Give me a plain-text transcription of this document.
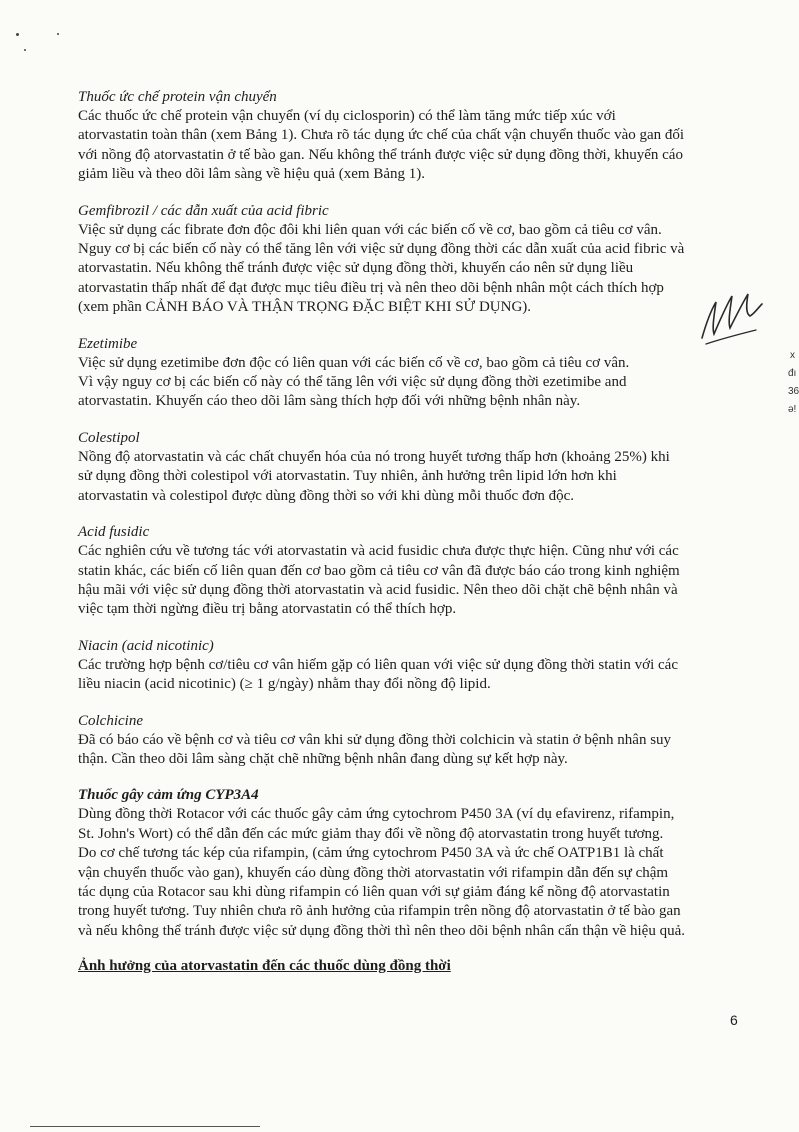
Thuốc ức chế protein vận chuyển

Các thuốc ức chế protein vận chuyển (ví dụ ciclosporin) có thể làm tăng mức tiếp xúc với
atorvastatin toàn thân (xem Bảng 1). Chưa rõ tác dụng ức chế của chất vận chuyển thuốc vào gan đối
với nồng độ atorvastatin ở tế bào gan. Nếu không thể tránh được việc sử dụng đồng thời, khuyến cáo
giảm liều và theo dõi lâm sàng về hiệu quả (xem Bảng 1).

Gemfibrozil / các dẫn xuất của acid fibric

Việc sử dụng các fibrate đơn độc đôi khi liên quan với các biến cố về cơ, bao gồm cả tiêu cơ vân.
Nguy cơ bị các biến cố này có thể tăng lên với việc sử dụng đồng thời các dẫn xuất của acid fibric và
atorvastatin. Nếu không thể tránh được việc sử dụng đồng thời, khuyến cáo nên sử dụng liều
atorvastatin thấp nhất để đạt được mục tiêu điều trị và nên theo dõi bệnh nhân một cách thích hợp
(xem phần CẢNH BÁO VÀ THẬN TRỌNG ĐẶC BIỆT KHI SỬ DỤNG).

Ezetimibe

Việc sử dụng ezetimibe đơn độc có liên quan với các biến cố về cơ, bao gồm cả tiêu cơ vân.
Vì vậy nguy cơ bị các biến cố này có thể tăng lên với việc sử dụng đồng thời ezetimibe and
atorvastatin. Khuyến cáo theo dõi lâm sàng thích hợp đối với những bệnh nhân này.

Colestipol

Nồng độ atorvastatin và các chất chuyển hóa của nó trong huyết tương thấp hơn (khoảng 25%) khi
sử dụng đồng thời colestipol với atorvastatin. Tuy nhiên, ảnh hưởng trên lipid lớn hơn khi
atorvastatin và colestipol được dùng đồng thời so với khi dùng mỗi thuốc đơn độc.

Acid fusidic

Các nghiên cứu về tương tác với atorvastatin và acid fusidic chưa được thực hiện. Cũng như với các
statin khác, các biến cố liên quan đến cơ bao gồm cả tiêu cơ vân đã được báo cáo trong kinh nghiệm
hậu mãi với việc sử dụng đồng thời atorvastatin và acid fusidic. Nên theo dõi chặt chẽ bệnh nhân và
việc tạm thời ngừng điều trị bằng atorvastatin có thể thích hợp.

Niacin (acid nicotinic)

Các trường hợp bệnh cơ/tiêu cơ vân hiếm gặp có liên quan với việc sử dụng đồng thời statin với các
liều niacin (acid nicotinic) (≥ 1 g/ngày) nhằm thay đổi nồng độ lipid.

Colchicine

Đã có báo cáo về bệnh cơ và tiêu cơ vân khi sử dụng đồng thời colchicin và statin ở bệnh nhân suy
thận. Cần theo dõi lâm sàng chặt chẽ những bệnh nhân đang dùng sự kết hợp này.

Thuốc gây cảm ứng CYP3A4

Dùng đồng thời Rotacor với các thuốc gây cảm ứng cytochrom P450 3A (ví dụ efavirenz, rifampin,
St. John's Wort) có thể dẫn đến các mức giảm thay đổi về nồng độ atorvastatin trong huyết tương.
Do cơ chế tương tác kép của rifampin, (cảm ứng cytochrom P450 3A và ức chế OATP1B1 là chất
vận chuyển thuốc vào gan), khuyến cáo dùng đồng thời atorvastatin với rifampin dẫn đến sự chậm
tác dụng của Rotacor sau khi dùng rifampin có liên quan với sự giảm đáng kể nồng độ atorvastatin
trong huyết tương. Tuy nhiên chưa rõ ảnh hưởng của rifampin trên nồng độ atorvastatin ở tế bào gan
và nếu không thể tránh được việc sử dụng đồng thời thì nên theo dõi bệnh nhân cẩn thận về hiệu quả.

Ảnh hưởng của atorvastatin đến các thuốc dùng đồng thời
x
đı
36
ə!
6
